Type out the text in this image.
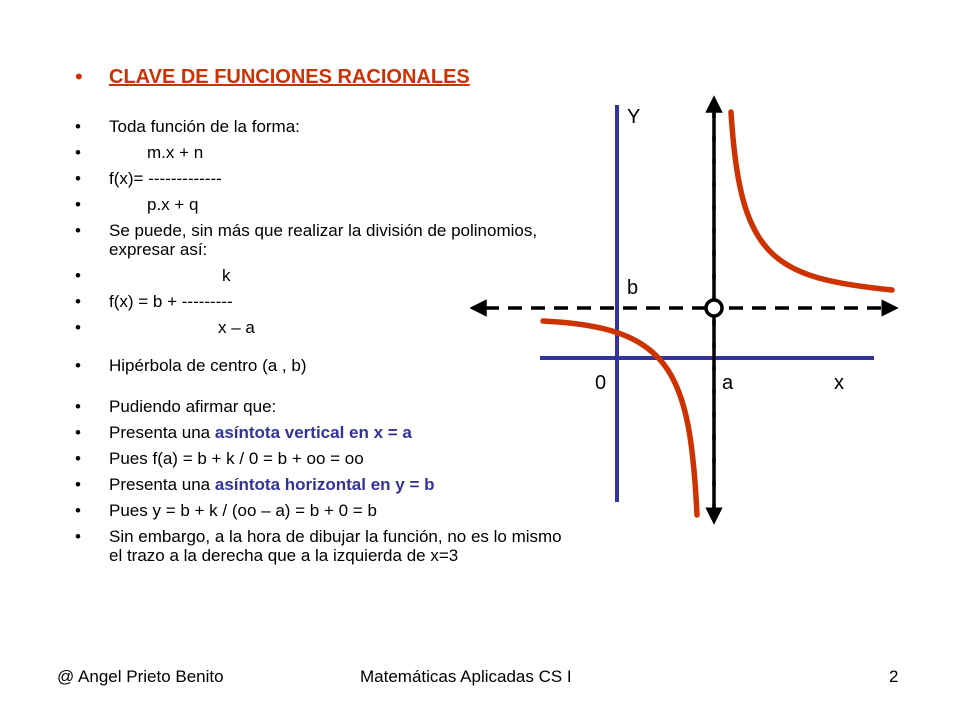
• CLAVE DE FUNCIONES RACIONALES
• Toda función de la forma:
•	m.x + n
• f(x)= -------------
•	p.x + q
• Se puede, sin más que realizar la división de polinomios, expresar así:
•	k
• f(x) = b + ---------
•	x – a
• Hipérbola de centro (a , b)
• Pudiendo afirmar que:
• Presenta una asíntota vertical en x = a
• Pues f(a) = b + k / 0 = b + oo = oo
• Presenta una asíntota horizontal en y = b
• Pues y = b + k / (oo – a) = b + 0 = b
• Sin embargo, a la hora de dibujar la función, no es lo mismo el trazo a la derecha que a la izquierda de x=3
Y
b
0	a	x
@ Angel Prieto Benito	Matemáticas Aplicadas CS I	2
